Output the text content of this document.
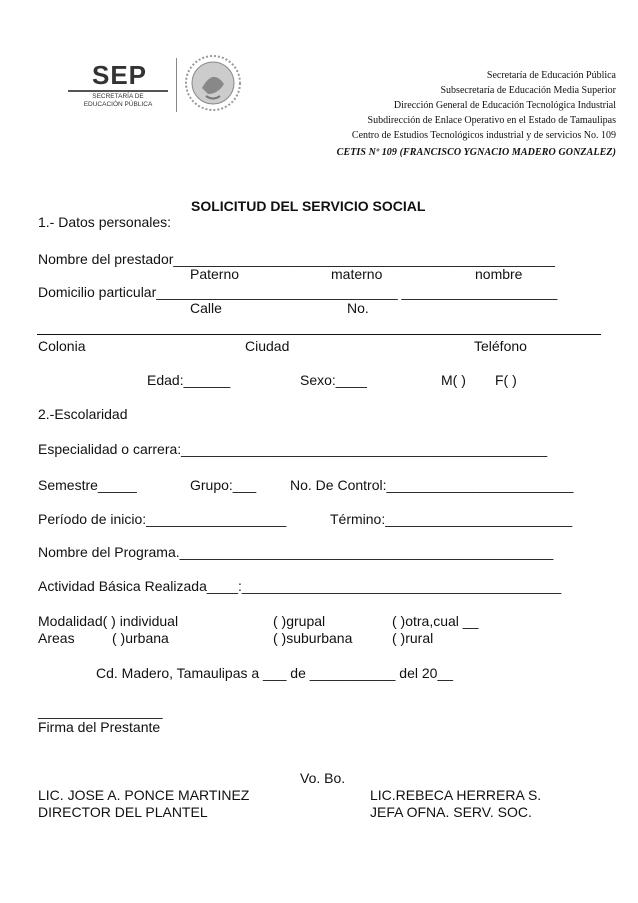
SEP
SECRETARÍA DE
EDUCACIÓN PÚBLICA
Secretaría de Educación Pública
Subsecretaría de Educación Media Superior
Dirección General de Educación Tecnológica Industrial
Subdirección de Enlace Operativo en el Estado de Tamaulipas
Centro de Estudios Tecnológicos industrial y de servicios No. 109
CETIS Nº 109 (FRANCISCO YGNACIO MADERO GONZALEZ)
SOLICITUD DEL SERVICIO SOCIAL
1.- Datos personales:
Nombre del prestador_________________________________________________
Paterno	materno	nombre
Domicilio particular_______________________________ ____________________
Calle	No.
Colonia	Ciudad	Teléfono
Edad:______	Sexo:____	M( ) F( )
2.-Escolaridad
Especialidad o carrera:_______________________________________________
Semestre_____	Grupo:___ No. De Control:________________________
Período de inicio:__________________	Término:________________________
Nombre del Programa.________________________________________________
Actividad Básica Realizada____:_________________________________________
Modalidad( ) individual	( )grupal	( )otra,cual __
Areas	( )urbana	( )suburbana	( )rural
Cd. Madero, Tamaulipas a ___ de ___________ del 20__
________________
Firma del Prestante
Vo. Bo.
LIC. JOSE A. PONCE MARTINEZ
DIRECTOR DEL PLANTEL
LIC.REBECA HERRERA S.
JEFA OFNA. SERV. SOC.
